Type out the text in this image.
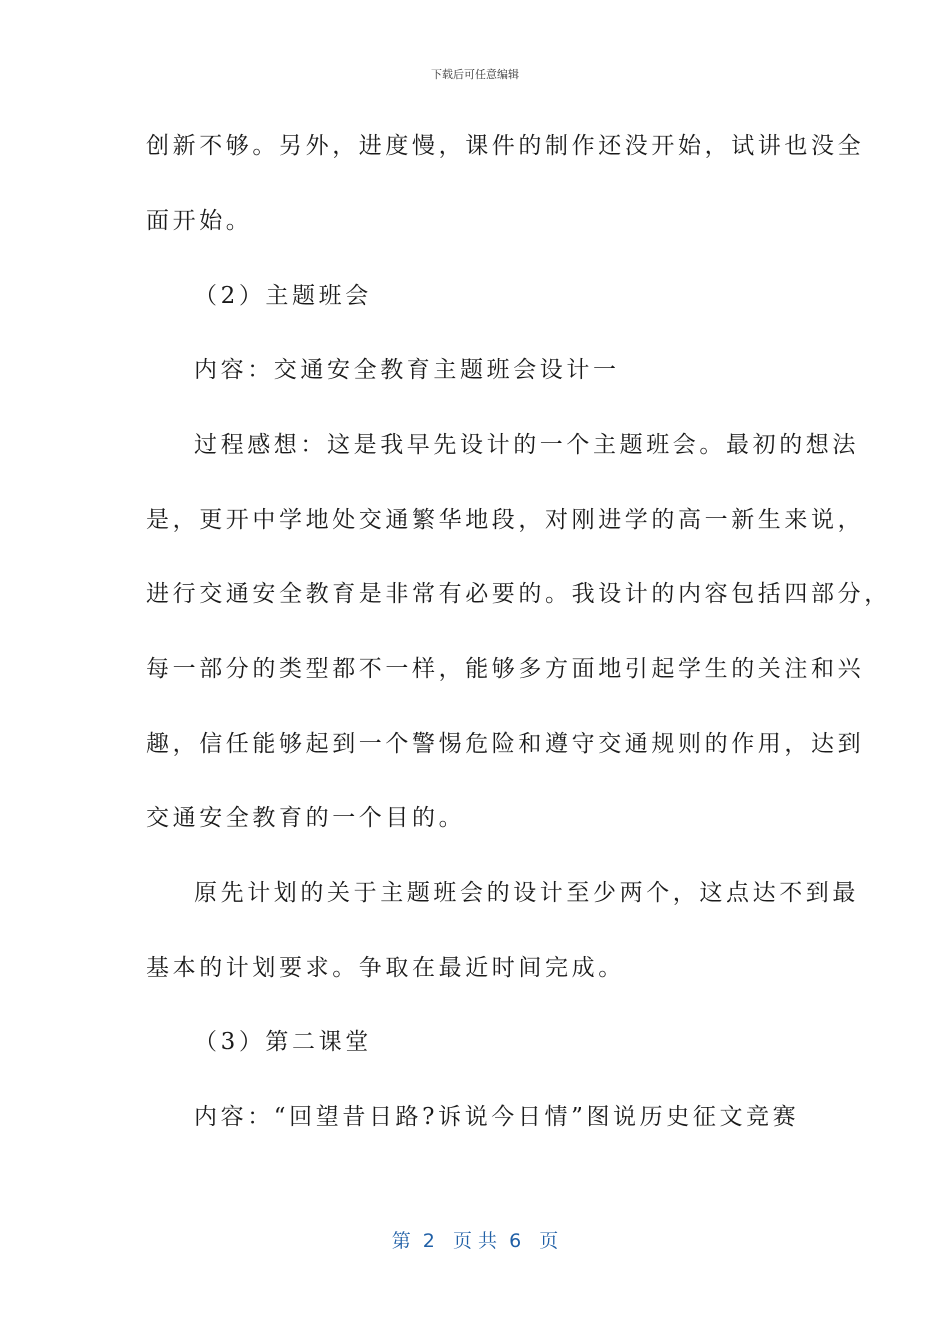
下载后可任意编辑
创新不够。另外，进度慢，课件的制作还没开始，试讲也没全
面开始。
（2）主题班会
内容：交通安全教育主题班会设计一
过程感想：这是我早先设计的一个主题班会。最初的想法
是，更开中学地处交通繁华地段，对刚进学的高一新生来说，
进行交通安全教育是非常有必要的。我设计的内容包括四部分，
每一部分的类型都不一样，能够多方面地引起学生的关注和兴
趣，信任能够起到一个警惕危险和遵守交通规则的作用，达到
交通安全教育的一个目的。
原先计划的关于主题班会的设计至少两个，这点达不到最
基本的计划要求。争取在最近时间完成。
（3）第二课堂
内容：“回望昔日路?诉说今日情”图说历史征文竞赛
第  2   页 共  6   页
